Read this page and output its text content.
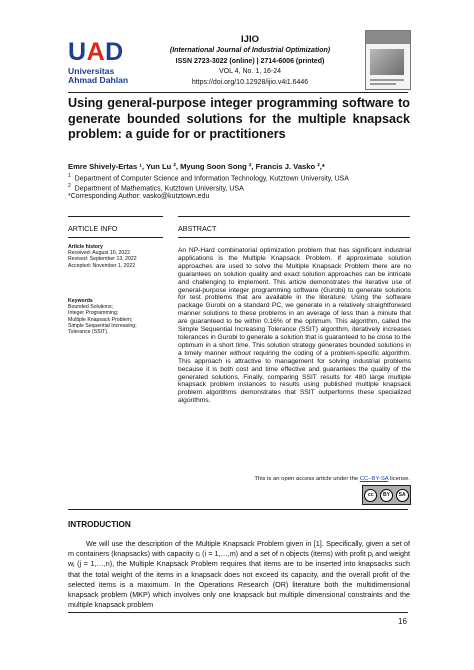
UAD
Universitas
Ahmad Dahlan
IJIO
(International Journal of Industrial Optimization)
ISSN 2723-3022 (online) | 2714-6006 (printed)
VOL 4, No. 1, 16-24
https://doi.org/10.12928/ijio.v4i1.6446
Using general-purpose integer programming software to generate bounded solutions for the multiple knapsack problem: a guide for or practitioners
Emre Shively-Ertas ¹, Yun Lu ², Myung Soon Song ², Francis J. Vasko ²,*
$^1$ Department of Computer Science and Information Technology, Kutztown University, USA
$^2$ Department of Mathematics, Kutztown University, USA
*Corresponding Author: vasko@kutztown.edu
ARTICLE INFO	ABSTRACT
Article history
Received: August 10, 2022
Revised: September 13, 2022
Accepted: November 1, 2022
Keywords
Bounded Solutions;
Integer Programming;
Multiple Knapsack Problem;
Simple Sequential Increasing;
Tolerance (SSIT).
An NP-Hard combinatorial optimization problem that has significant industrial applications is the Multiple Knapsack Problem. If approximate solution approaches are used to solve the Multiple Knapsack Problem there are no guarantees on solution quality and exact solution approaches can be intricate and challenging to implement. This article demonstrates the iterative use of general-purpose integer programming software (Gurobi) to generate solutions for test problems that are available in the literature. Using the software package Gurobi on a standard PC, we generate in a relatively straightforward manner solutions to these problems in an average of less than a minute that are guaranteed to be within 0.16% of the optimum. This algorithm, called the Simple Sequential Increasing Tolerance (SSIT) algorithm, iteratively increases tolerances in Gurobi to generate a solution that is guaranteed to be close to the optimum in a short time. This solution strategy generates bounded solutions in a timely manner without requiring the coding of a problem-specific algorithm. This approach is attractive to management for solving industrial problems because it is both cost and time effective and guarantees the quality of the generated solutions. Finally, comparing SSIT results for 480 large multiple knapsack problem instances to results using published multiple knapsack problem algorithms demonstrates that SSIT outperforms these specialized algorithms.
This is an open access article under the CC–BY-SA license.
cc	BY	SA
INTRODUCTION
We will use the description of the Multiple Knapsack Problem given in [1]. Specifically, given a set of m containers (knapsacks) with capacity cᵢ (i = 1,…,m) and a set of n objects (items) with profit pⱼ and weight wⱼ (j = 1,…,n), the Multiple Knapsack Problem requires that items are to be inserted into knapsacks such that the total weight of the items in a knapsack does not exceed its capacity, and the overall profit of the selected items is a maximum. In the Operations Research (OR) literature both the multidimensional knapsack problem (MKP) which involves only one knapsack but multiple dimensional constraints and the multiple knapsack problem
16
